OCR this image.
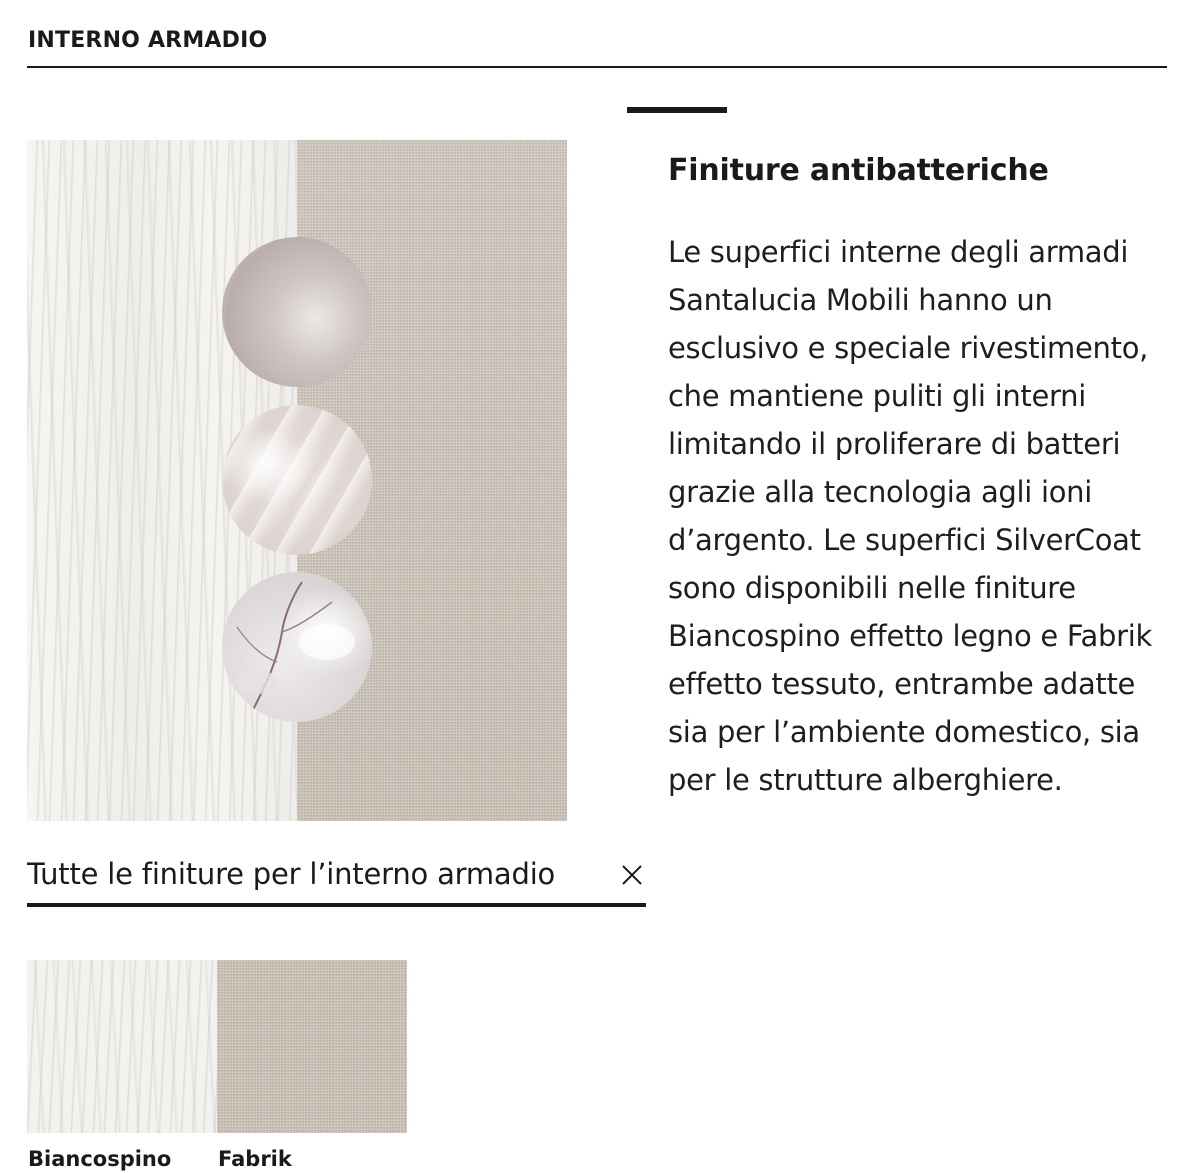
INTERNO ARMADIO
Tutte le finiture per l’interno armadio
Biancospino Fabrik
Finiture antibatteriche

Le superfici interne degli armadi Santalucia Mobili hanno un esclusivo e speciale rivestimento, che mantiene puliti gli interni limitando il proliferare di batteri grazie alla tecnologia agli ioni d’argento. Le superfici SilverCoat sono disponibili nelle finiture Biancospino effetto legno e Fabrik effetto tessuto, entrambe adatte sia per l’ambiente domestico, sia per le strutture alberghiere.
